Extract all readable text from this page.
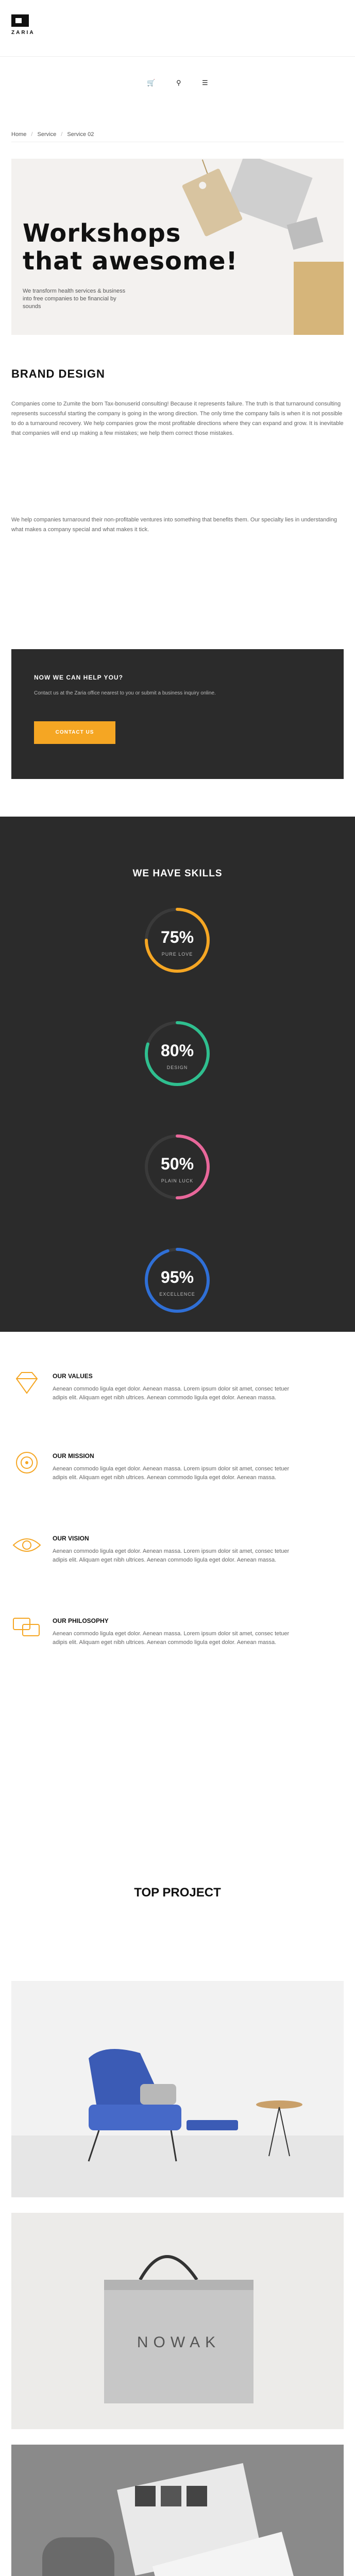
ZARIA
🛒	⚲	☰
Home / Service / Service 02
Workshops
that awesome!

We transform health services & business into free companies to be financial by sounds

BRAND DESIGN

Companies come to Zumite the born Tax-bonuserid consulting! Because it represents failure. The truth is that turnaround consulting represents successful starting the company is going in the wrong direction. The only time the company fails is when it is not possible to do a turnaround recovery. We help companies grow the most profitable directions where they can expand and grow. It is inevitable that companies will end up making a few mistakes; we help them correct those mistakes.

We help companies turnaround their non-profitable ventures into something that benefits them. Our specialty lies in understanding what makes a company special and what makes it tick.

NOW WE CAN HELP YOU?

Contact us at the Zaria office nearest to you or submit a business inquiry online.

CONTACT US
WE HAVE SKILLS
75%
PURE LOVE
80%
DESIGN
50%
PLAIN LUCK
95%
EXCELLENCE
OUR VALUES

Aenean commodo ligula eget dolor. Aenean massa. Lorem ipsum dolor sit amet, consec tetuer adipis elit. Aliquam eget nibh ultrices. Aenean commodo ligula eget dolor. Aenean massa.

OUR MISSION

Aenean commodo ligula eget dolor. Aenean massa. Lorem ipsum dolor sit amet, consec tetuer adipis elit. Aliquam eget nibh ultrices. Aenean commodo ligula eget dolor. Aenean massa.

OUR VISION

Aenean commodo ligula eget dolor. Aenean massa. Lorem ipsum dolor sit amet, consec tetuer adipis elit. Aliquam eget nibh ultrices. Aenean commodo ligula eget dolor. Aenean massa.

OUR PHILOSOPHY

Aenean commodo ligula eget dolor. Aenean massa. Lorem ipsum dolor sit amet, consec tetuer adipis elit. Aliquam eget nibh ultrices. Aenean commodo ligula eget dolor. Aenean massa.

TOP PROJECT
NOWAK
